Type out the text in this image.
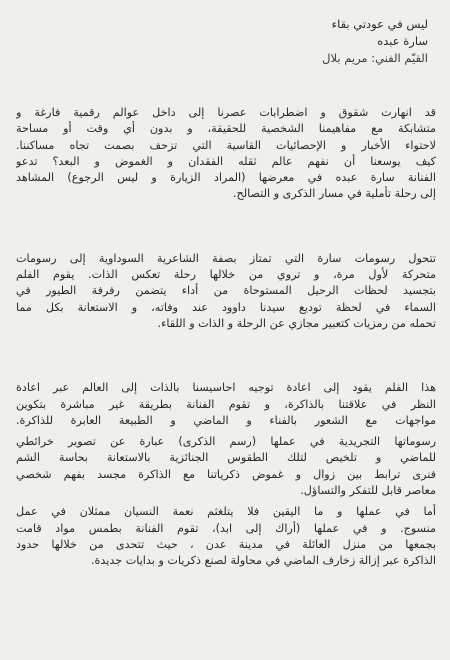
ليس في عودتي بقاء
سارة عبده
القيّم الفني: مريم بلال
قد انهارت شقوق و اضطرابات عصرنا إلى داخل عوالم رقمية فارغة و
متشابكة مع مفاهيمنا الشخصية للحقيقة، و بدون أي وقت أو مساحة
لاحتواء الأخبار و الإحصائيات القاسية التي تزحف بصمت تجاه مساكننا.
كيف يوسعنا أن نفهم عالم ثقله الفقدان و الغموض و البعد؟ تدعو
الفنانة سارة عبده في معرضها (المراد الزيارة و ليس الرجوع) المشاهد
إلى رحلة تأملية في مسار الذكرى و التصالح.
تتحول رسومات سارة التي تمتاز بصفة الشاعرية السوداوية إلى رسومات
متحركة لأول مرة، و تروي من خلالها رحلة تعكس الذات. يقوم الفلم
بتجسيد لحظات الرحيل المستوحاة من أداء يتضمن رفرفة الطيور في
السماء في لحظة توديع سيدنا داوود عند وفاته، و الاستعانة بكل مما
تحمله من رمزيات كتعبير مجازي عن الرحلة و الذات و اللقاء.
هذا الفلم يقود إلى اعادة توجيه احاسيسنا بالذات إلى العالم عبر اعادة
النظر في علاقتنا بالذاكرة، و تقوم الفنانة بطريقة غير مباشرة بتكوين
مواجهات مع الشعور بالفناء و الماضي و الطبيعة العابرة للذاكرة.
رسوماتها التجريدية في عملها (رسم الذكرى) عبارة عن تصوير خرائطي
للماضي و تلخيص لتلك الطقوس الجنائزية بالاستعانة بحاسة الشم
فنرى ترابط بين زوال و غموض ذكرياتنا مع الذاكرة مجسد بفهم شخصي
معاصر قابل للتفكر والتساؤل.
أما في عملها و ما اليقين فلا يتلغثم نعمة النسيان ممثلان في عمل
منسوج. و في عملها (أراك إلى ابد)، تقوم الفنانة بطمس مواد قامت
بجمعها من منزل العائلة في مدينة عدن ، حيث تتحدى من خلالها حدود
الذاكرة عبر إزالة زخارف الماضي في محاولة لصنع ذكريات و بدايات جديدة.
